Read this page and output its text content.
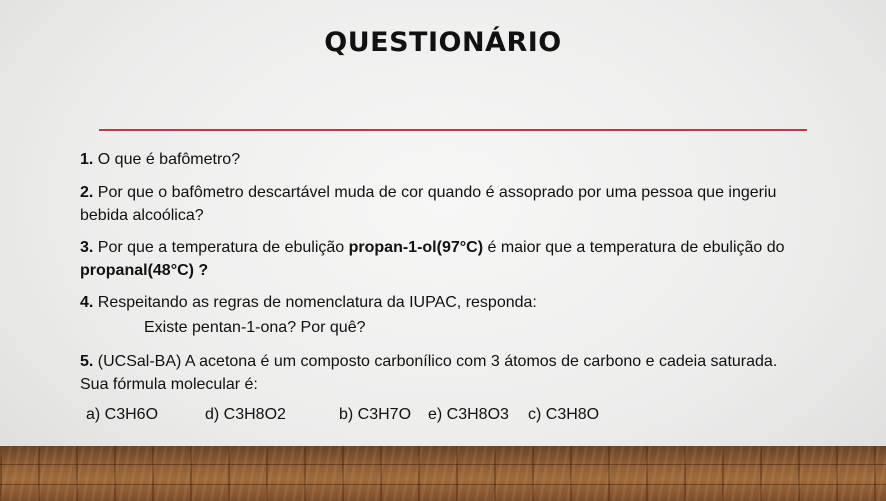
QUESTIONÁRIO
1. O que é bafômetro?
2. Por que o bafômetro descartável muda de cor quando é assoprado por uma pessoa que ingeriu bebida alcoólica?
3. Por que a temperatura de ebulição propan-1-ol(97°C) é maior que a temperatura de ebulição do propanal(48°C) ?
4. Respeitando as regras de nomenclatura da IUPAC, responda:
Existe pentan-1-ona? Por quê?
5. (UCSal-BA) A acetona é um composto carbonílico com 3 átomos de carbono e cadeia saturada. Sua fórmula molecular é:
a) C3H6O	d) C3H8O2	b) C3H7O e) C3H8O3 c) C3H8O
